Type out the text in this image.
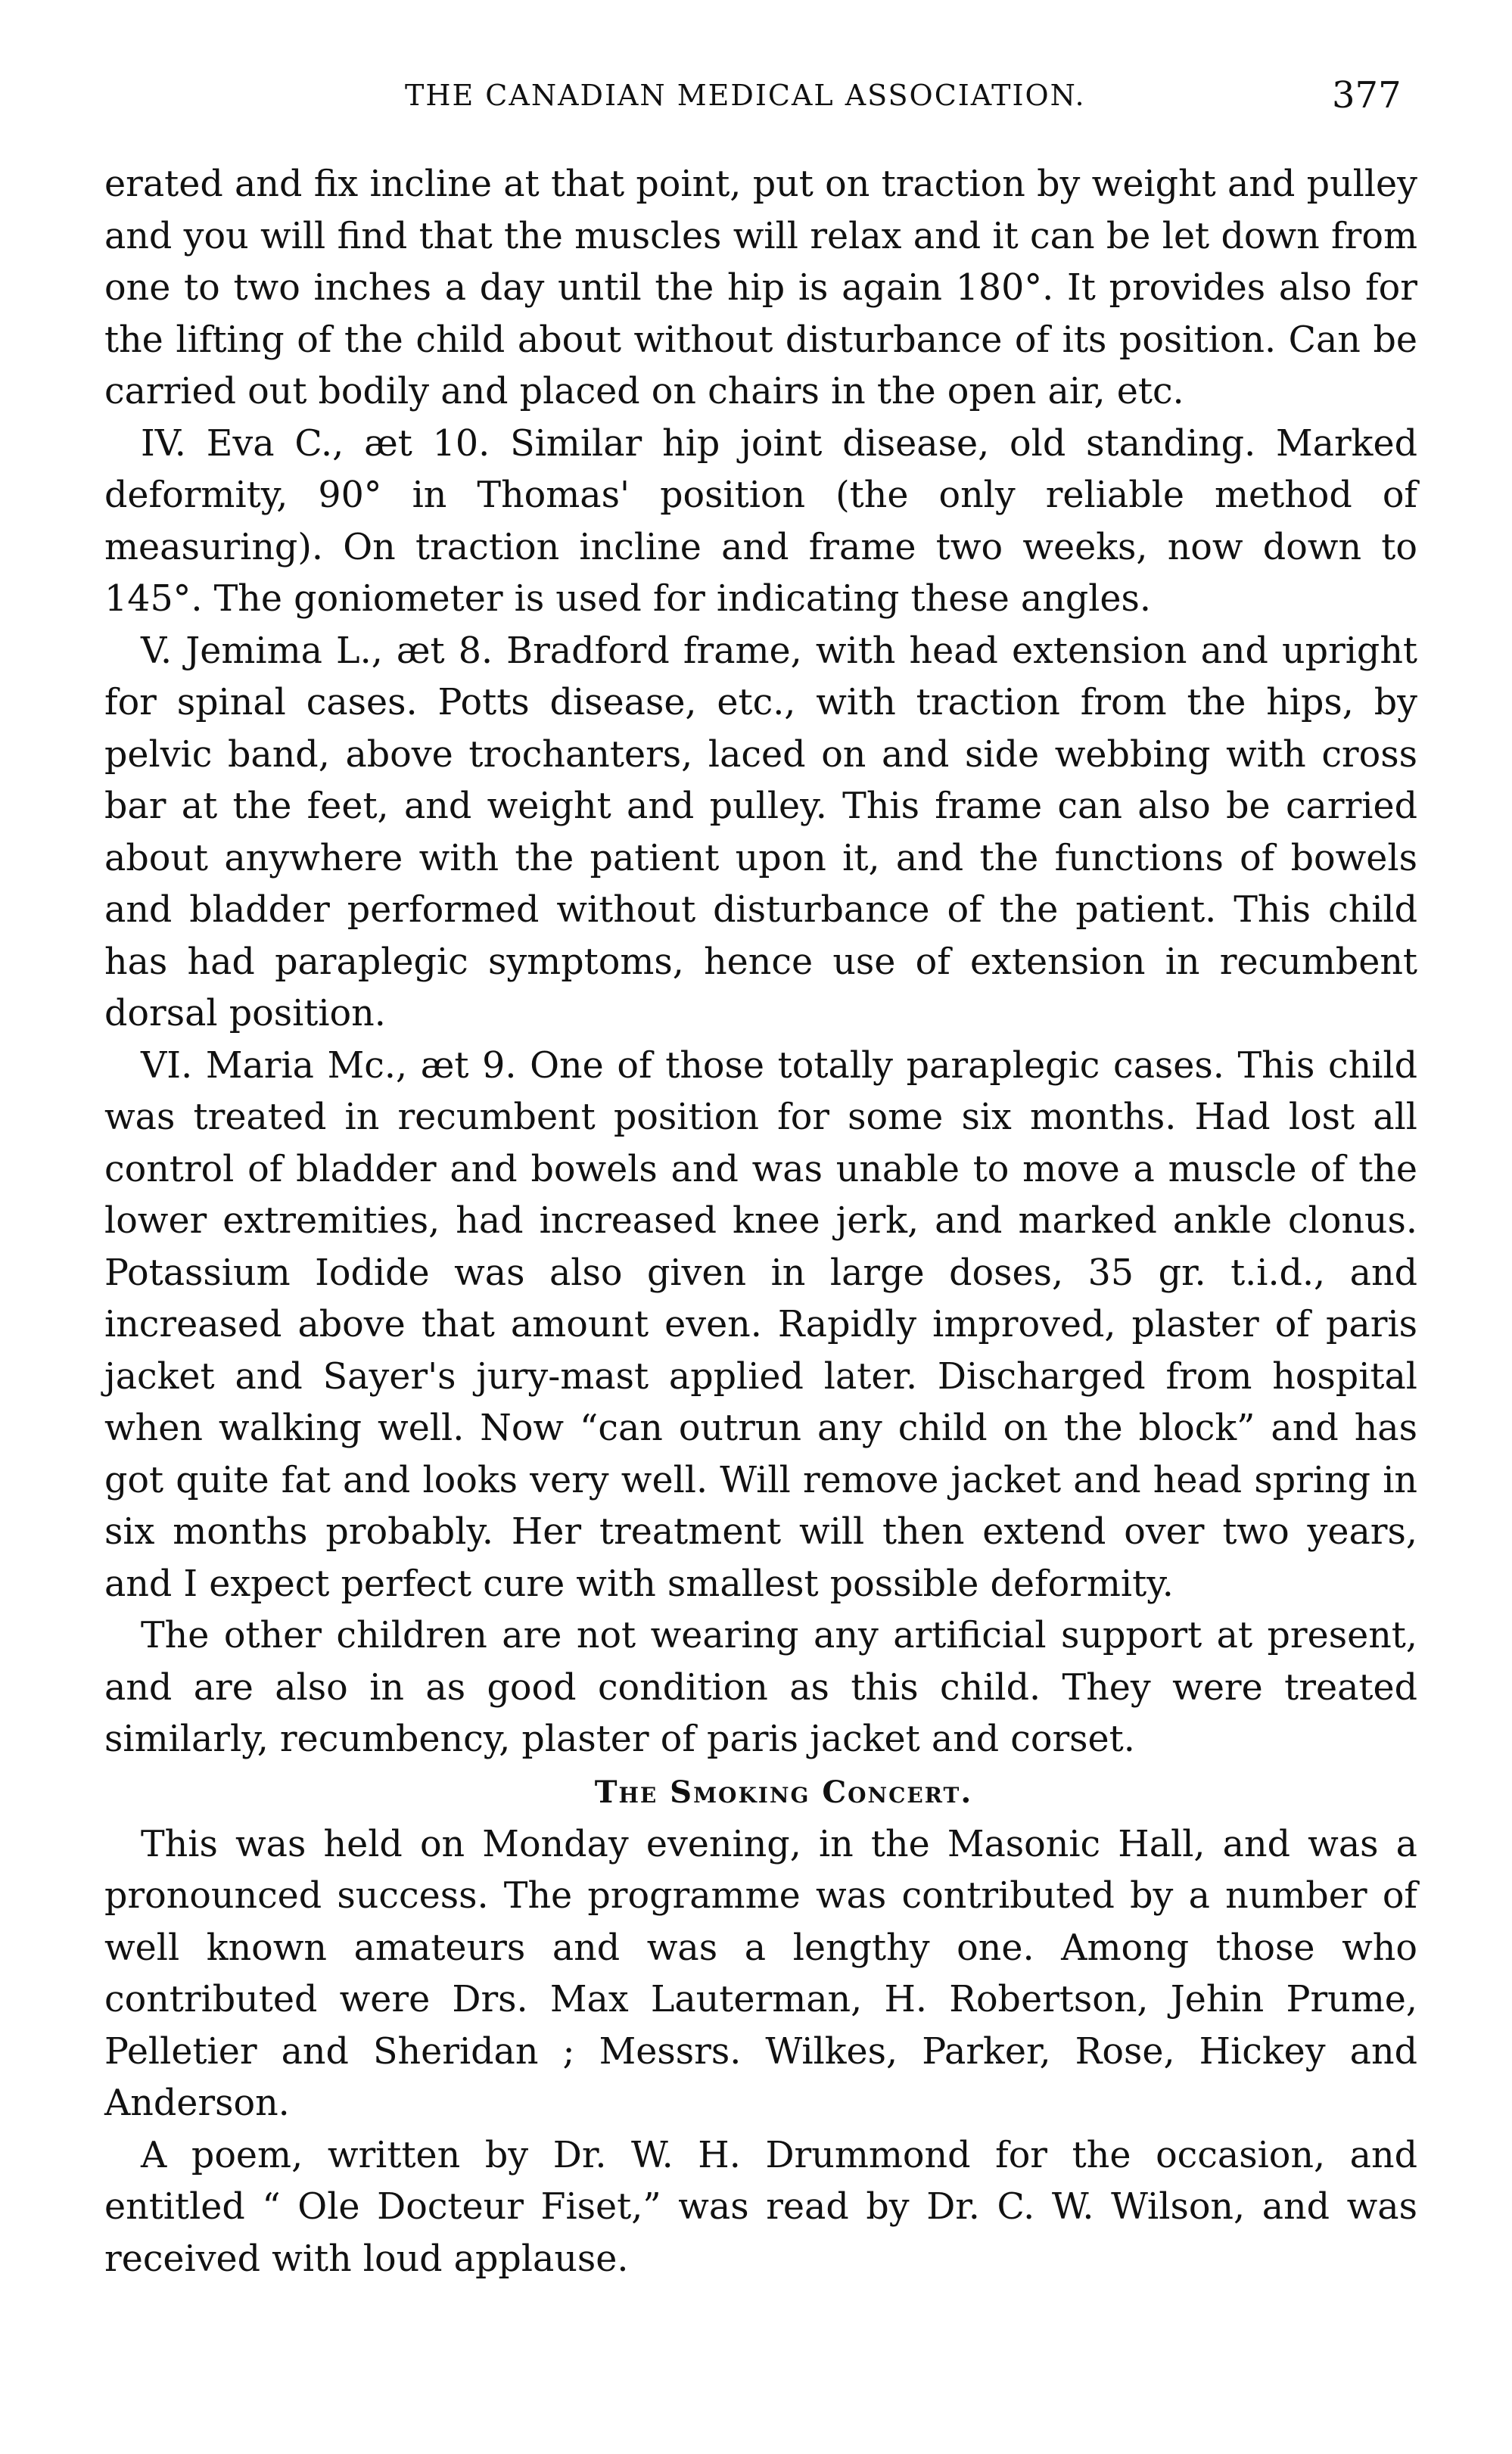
THE CANADIAN MEDICAL ASSOCIATION.	377

erated and fix incline at that point, put on traction by weight and pulley and you will find that the muscles will relax and it can be let down from one to two inches a day until the hip is again 180°. It provides also for the lifting of the child about without disturbance of its position. Can be carried out bodily and placed on chairs in the open air, etc.

IV. Eva C., æt 10. Similar hip joint disease, old standing. Marked deformity, 90° in Thomas' position (the only reliable method of measuring). On traction incline and frame two weeks, now down to 145°. The goniometer is used for indicating these angles.

V. Jemima L., æt 8. Bradford frame, with head extension and upright for spinal cases. Potts disease, etc., with traction from the hips, by pelvic band, above trochanters, laced on and side webbing with cross bar at the feet, and weight and pulley. This frame can also be carried about anywhere with the patient upon it, and the functions of bowels and bladder performed without disturbance of the patient. This child has had paraplegic symptoms, hence use of extension in recumbent dorsal position.

VI. Maria Mc., æt 9. One of those totally paraplegic cases. This child was treated in recumbent position for some six months. Had lost all control of bladder and bowels and was unable to move a muscle of the lower extremities, had increased knee jerk, and marked ankle clonus. Potassium Iodide was also given in large doses, 35 gr. t.i.d., and increased above that amount even. Rapidly improved, plaster of paris jacket and Sayer's jury-mast applied later. Discharged from hospital when walking well. Now “can outrun any child on the block” and has got quite fat and looks very well. Will remove jacket and head spring in six months probably. Her treatment will then extend over two years, and I expect perfect cure with smallest possible deformity.

The other children are not wearing any artificial support at present, and are also in as good condition as this child. They were treated similarly, recumbency, plaster of paris jacket and corset.

The Smoking Concert.

This was held on Monday evening, in the Masonic Hall, and was a pronounced success. The programme was contributed by a number of well known amateurs and was a lengthy one. Among those who contributed were Drs. Max Lauterman, H. Robertson, Jehin Prume, Pelletier and Sheridan ; Messrs. Wilkes, Parker, Rose, Hickey and Anderson.

A poem, written by Dr. W. H. Drummond for the occasion, and entitled “ Ole Docteur Fiset,” was read by Dr. C. W. Wilson, and was received with loud applause.
